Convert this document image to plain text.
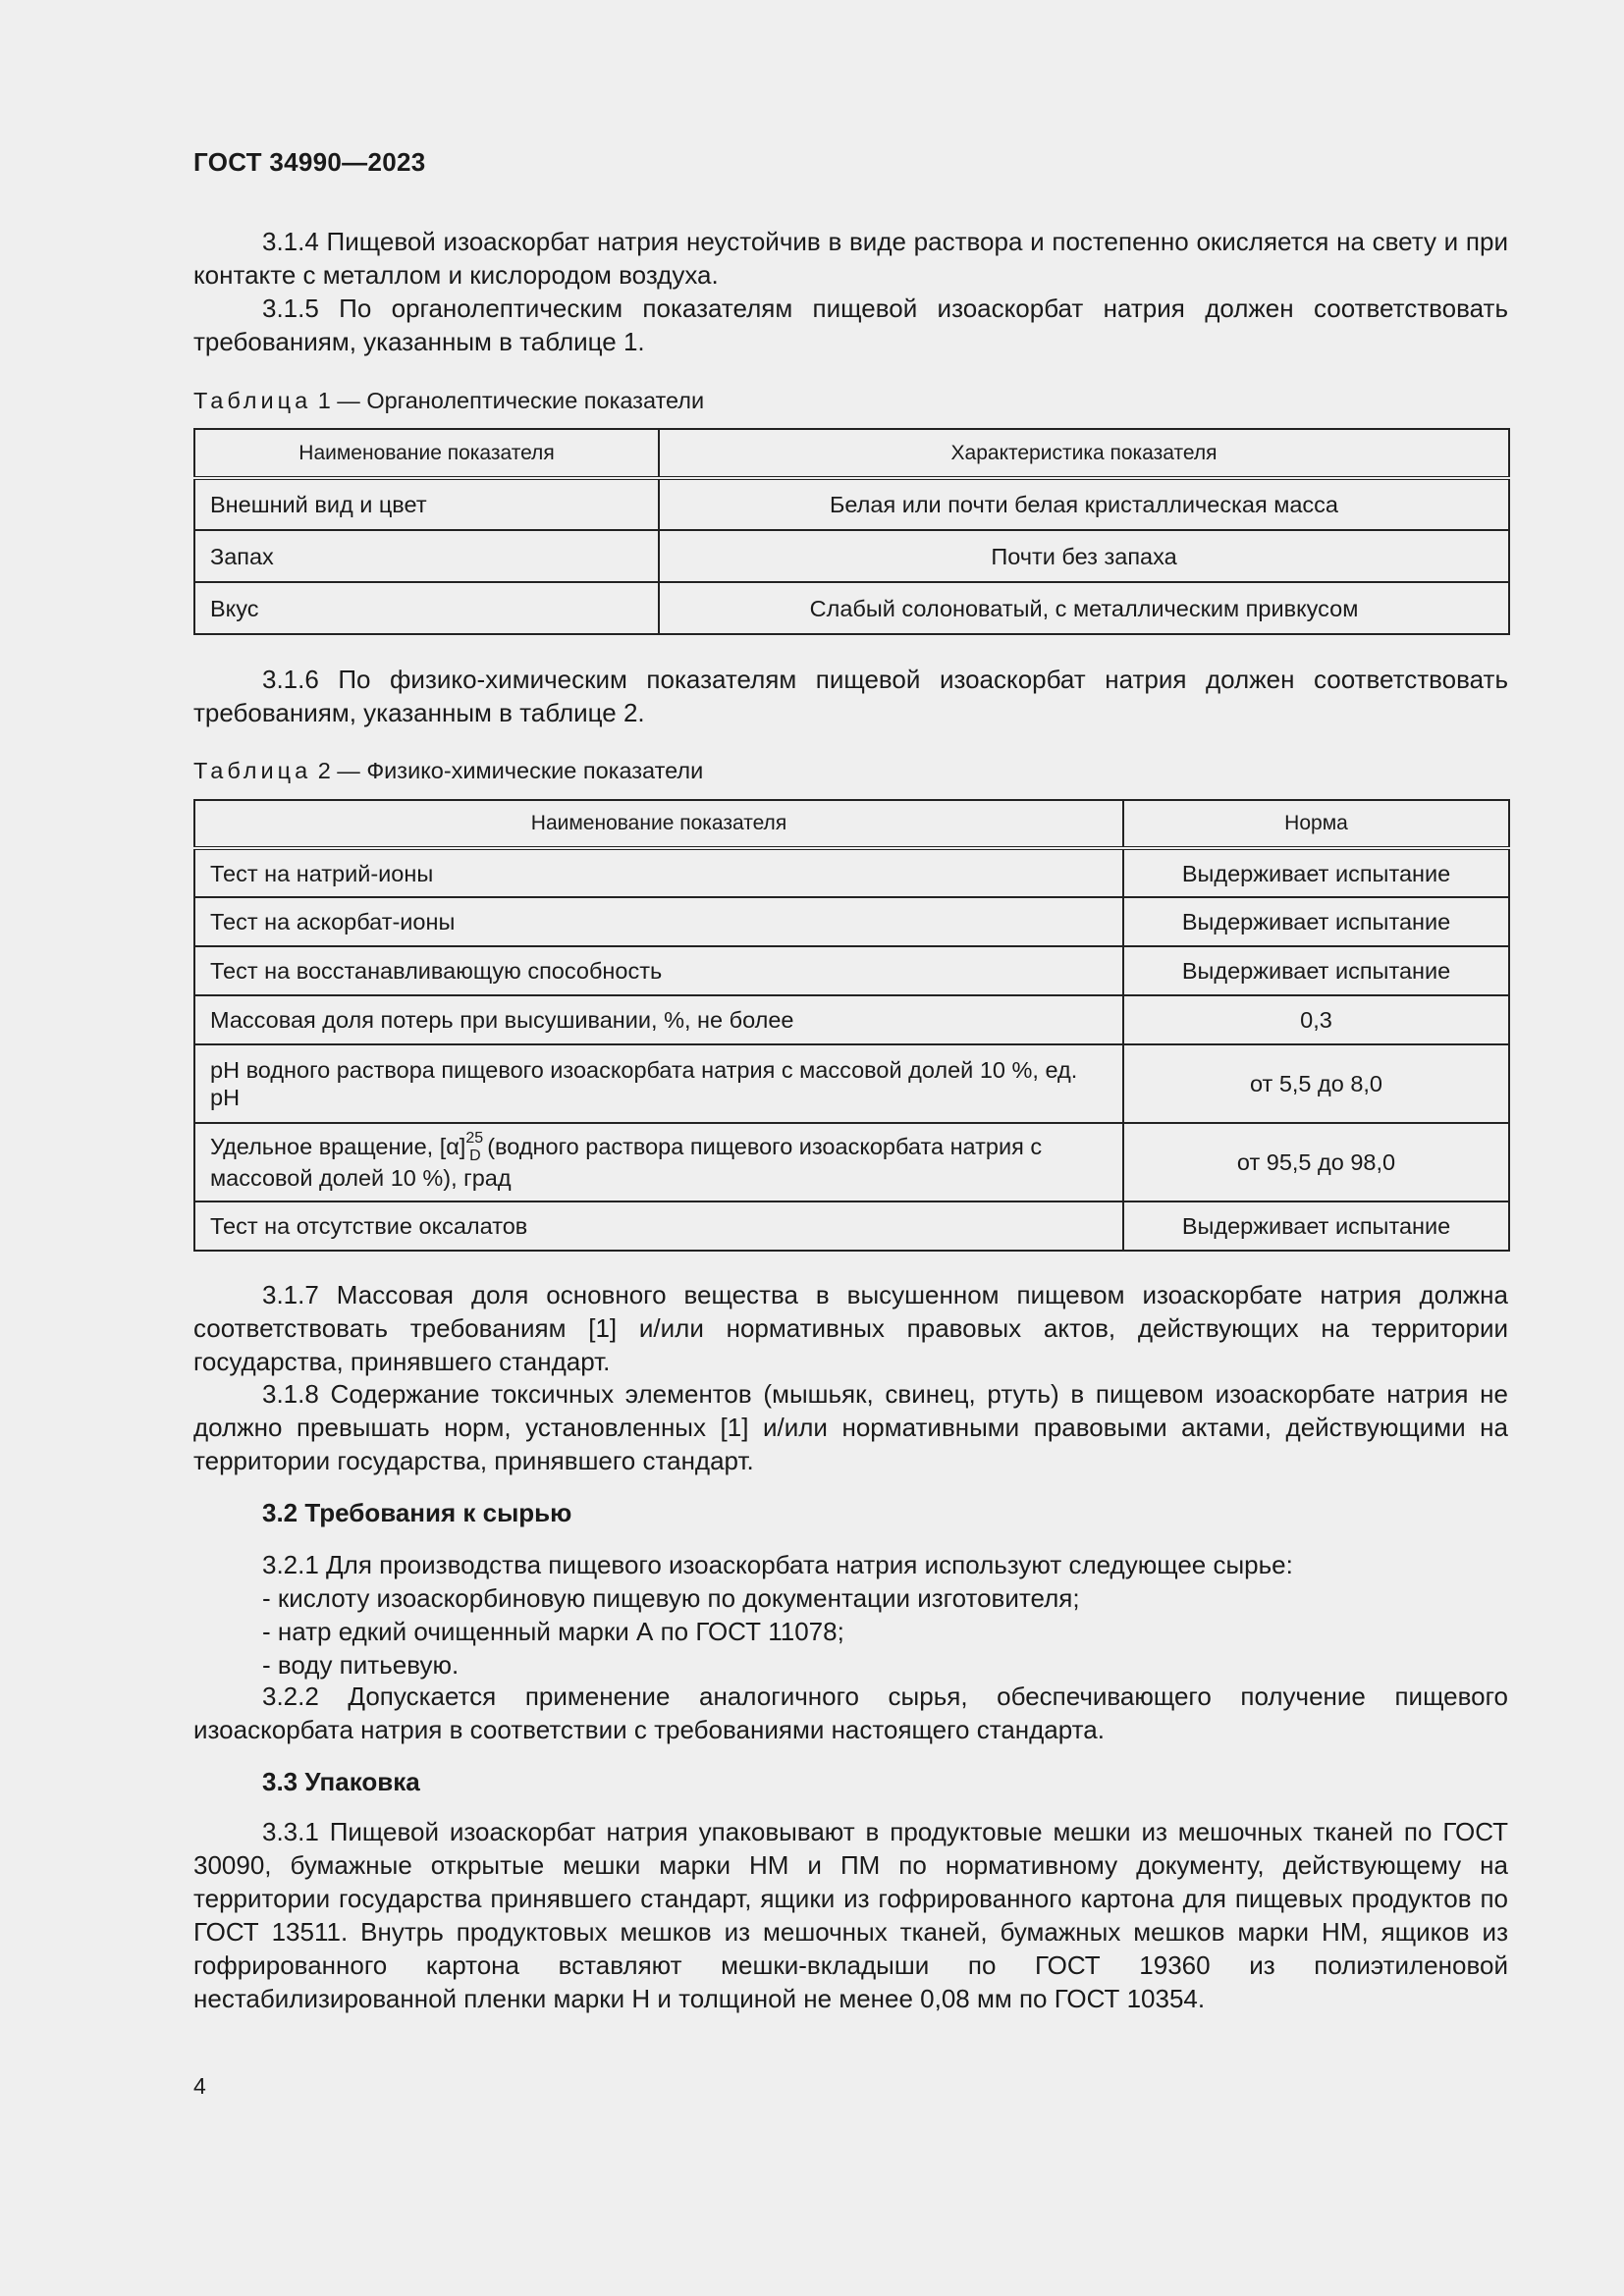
ГОСТ 34990—2023
3.1.4 Пищевой изоаскорбат натрия неустойчив в виде раствора и постепенно окисляется на свету и при контакте с металлом и кислородом воздуха.
3.1.5 По органолептическим показателям пищевой изоаскорбат натрия должен соответствовать требованиям, указанным в таблице 1.
Таблица 1 — Органолептические показатели
Наименование показателя	Характеристика показателя
Внешний вид и цвет	Белая или почти белая кристаллическая масса
Запах	Почти без запаха
Вкус	Слабый солоноватый, с металлическим привкусом
3.1.6 По физико-химическим показателям пищевой изоаскорбат натрия должен соответствовать требованиям, указанным в таблице 2.
Таблица 2 — Физико-химические показатели
Наименование показателя	Норма
Тест на натрий-ионы	Выдерживает испытание
Тест на аскорбат-ионы	Выдерживает испытание
Тест на восстанавливающую способность	Выдерживает испытание
Массовая доля потерь при высушивании, %, не более	0,3
pH водного раствора пищевого изоаскорбата натрия с массовой долей 10 %, ед. pH	от 5,5 до 8,0
Удельное вращение, $[\alpha]^{25}_D$ (водного раствора пищевого изоаскорбата натрия с массовой долей 10 %), град	от 95,5 до 98,0
Тест на отсутствие оксалатов	Выдерживает испытание
3.1.7 Массовая доля основного вещества в высушенном пищевом изоаскорбате натрия должна соответствовать требованиям [1] и/или нормативных правовых актов, действующих на территории государства, принявшего стандарт.
3.1.8 Содержание токсичных элементов (мышьяк, свинец, ртуть) в пищевом изоаскорбате натрия не должно превышать норм, установленных [1] и/или нормативными правовыми актами, действующими на территории государства, принявшего стандарт.
3.2 Требования к сырью
3.2.1 Для производства пищевого изоаскорбата натрия используют следующее сырье:
- кислоту изоаскорбиновую пищевую по документации изготовителя;
- натр едкий очищенный марки А по ГОСТ 11078;
- воду питьевую.
3.2.2 Допускается применение аналогичного сырья, обеспечивающего получение пищевого изоаскорбата натрия в соответствии с требованиями настоящего стандарта.
3.3 Упаковка
3.3.1 Пищевой изоаскорбат натрия упаковывают в продуктовые мешки из мешочных тканей по ГОСТ 30090, бумажные открытые мешки марки НМ и ПМ по нормативному документу, действующему на территории государства принявшего стандарт, ящики из гофрированного картона для пищевых продуктов по ГОСТ 13511. Внутрь продуктовых мешков из мешочных тканей, бумажных мешков марки НМ, ящиков из гофрированного картона вставляют мешки-вкладыши по ГОСТ 19360 из полиэтиленовой нестабилизированной пленки марки Н и толщиной не менее 0,08 мм по ГОСТ 10354.
4
